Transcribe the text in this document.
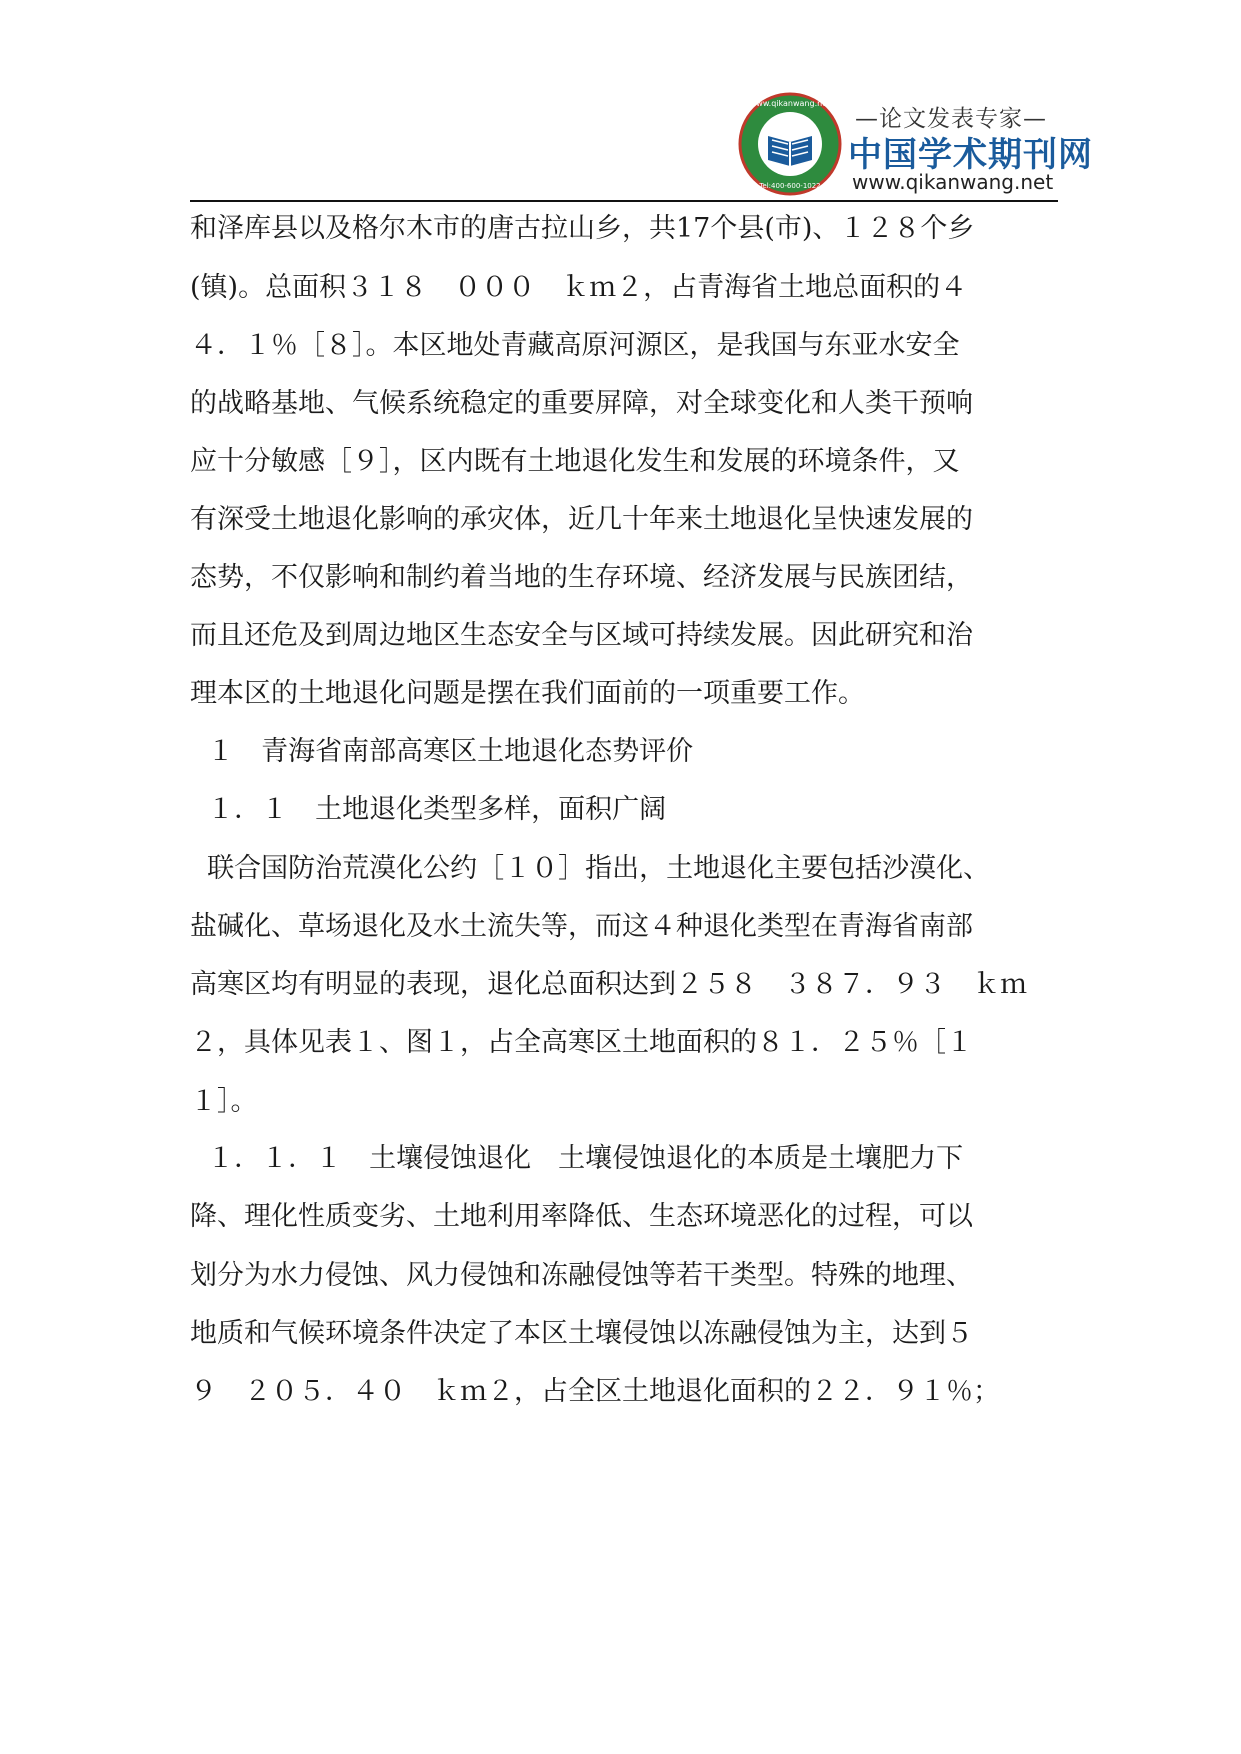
www.qikanwang.net
Tel:400-600-1022
—论文发表专家—
中国学术期刊网
www.qikanwang.net
和泽库县以及格尔木市的唐古拉山乡，共17个县(市)、１２８个乡
(镇)。总面积３１８　０００　ｋｍ２，占青海省土地总面积的４
４．１％［８］。本区地处青藏高原河源区，是我国与东亚水安全
的战略基地、气候系统稳定的重要屏障，对全球变化和人类干预响
应十分敏感［９］，区内既有土地退化发生和发展的环境条件，又
有深受土地退化影响的承灾体，近几十年来土地退化呈快速发展的
态势，不仅影响和制约着当地的生存环境、经济发展与民族团结，
而且还危及到周边地区生态安全与区域可持续发展。因此研究和治
理本区的土地退化问题是摆在我们面前的一项重要工作。
１　青海省南部高寒区土地退化态势评价
１．１　土地退化类型多样，面积广阔
联合国防治荒漠化公约［１０］指出，土地退化主要包括沙漠化、
盐碱化、草场退化及水土流失等，而这４种退化类型在青海省南部
高寒区均有明显的表现，退化总面积达到２５８　３８７．９３　ｋｍ
２，具体见表１、图１，占全高寒区土地面积的８１．２５％［１
１］。
１．１．１　土壤侵蚀退化　土壤侵蚀退化的本质是土壤肥力下
降、理化性质变劣、土地利用率降低、生态环境恶化的过程，可以
划分为水力侵蚀、风力侵蚀和冻融侵蚀等若干类型。特殊的地理、
地质和气候环境条件决定了本区土壤侵蚀以冻融侵蚀为主，达到５
９　２０５．４０　ｋｍ２，占全区土地退化面积的２２．９１％；
